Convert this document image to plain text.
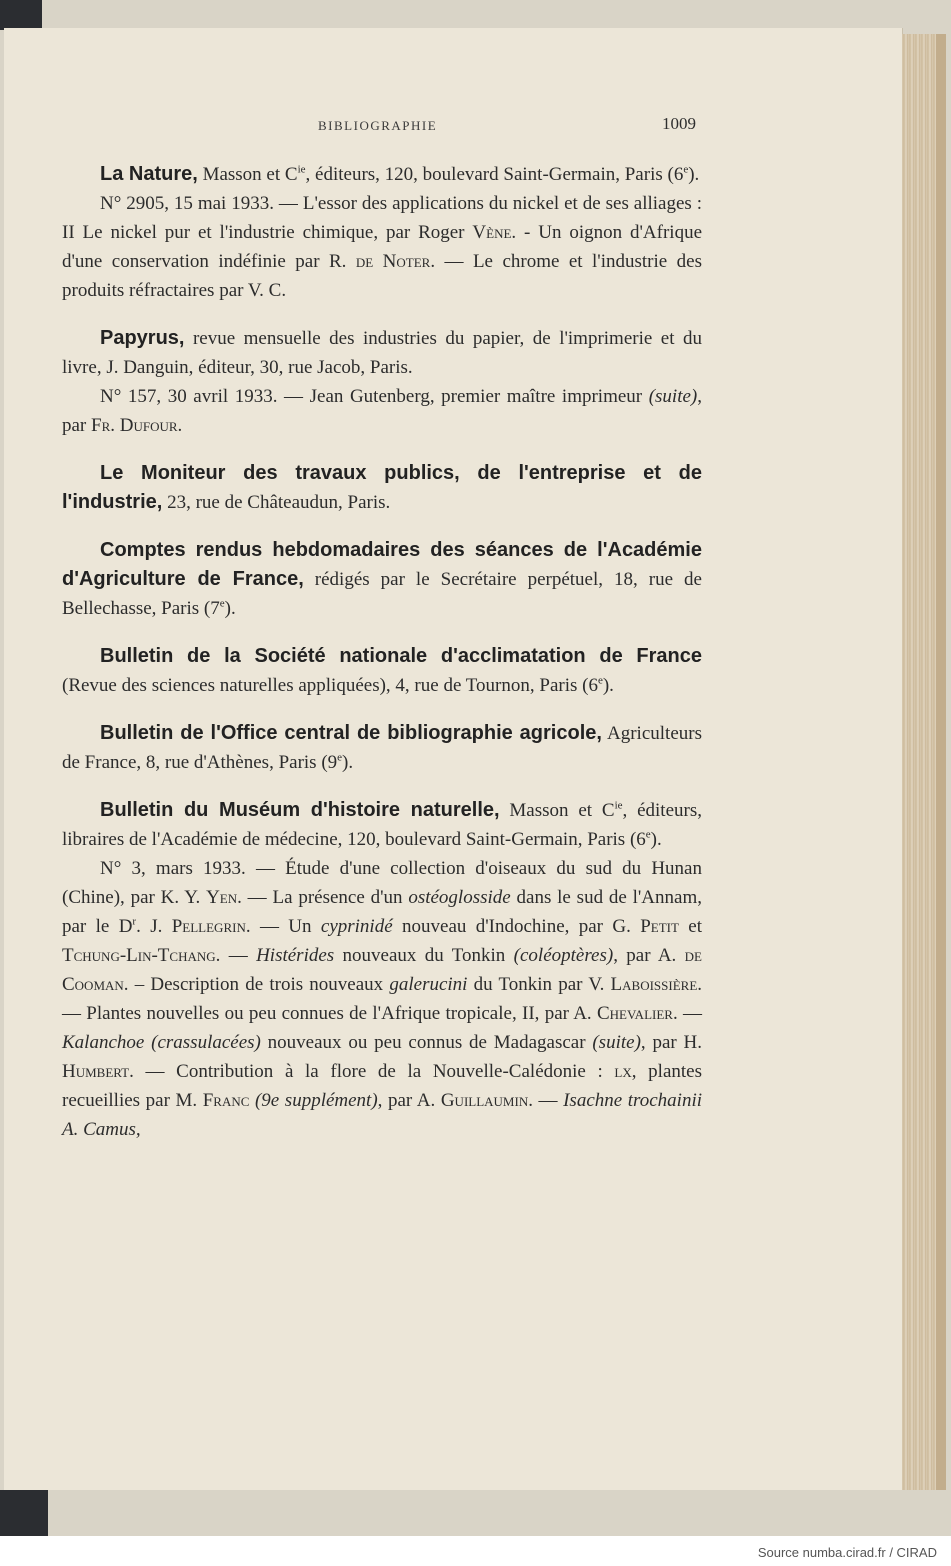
BIBLIOGRAPHIE	1009

La Nature, Masson et $C^{ie}$, éditeurs, 120, boulevard Saint-Germain, Paris (6e).

N° 2905, 15 mai 1933. — L'essor des applications du nickel et de ses alliages : II Le nickel pur et l'industrie chimique, par Roger Vène. - Un oignon d'Afrique d'une conservation indéfinie par R. de Noter. — Le chrome et l'industrie des produits réfractaires par V. C.

Papyrus, revue mensuelle des industries du papier, de l'imprimerie et du livre, J. Danguin, éditeur, 30, rue Jacob, Paris.

N° 157, 30 avril 1933. — Jean Gutenberg, premier maître imprimeur (suite), par Fr. Dufour.

Le Moniteur des travaux publics, de l'entreprise et de l'industrie, 23, rue de Châteaudun, Paris.

Comptes rendus hebdomadaires des séances de l'Académie d'Agriculture de France, rédigés par le Secrétaire perpétuel, 18, rue de Bellechasse, Paris (7e).

Bulletin de la Société nationale d'acclimatation de France (Revue des sciences naturelles appliquées), 4, rue de Tournon, Paris (6e).

Bulletin de l'Office central de bibliographie agricole, Agriculteurs de France, 8, rue d'Athènes, Paris (9e).

Bulletin du Muséum d'histoire naturelle, Masson et $C^{ie}$, éditeurs, libraires de l'Académie de médecine, 120, boulevard Saint-Germain, Paris (6e).

N° 3, mars 1933. — Étude d'une collection d'oiseaux du sud du Hunan (Chine), par K. Y. Yen. — La présence d'un ostéoglosside dans le sud de l'Annam, par le $D^r$. J. Pellegrin. — Un cyprinidé nouveau d'Indochine, par G. Petit et Tchung-Lin-Tchang. — Histérides nouveaux du Tonkin (coléoptères), par A. de Cooman. – Description de trois nouveaux galerucini du Tonkin par V. Laboissière. — Plantes nouvelles ou peu connues de l'Afrique tropicale, II, par A. Chevalier. — Kalanchoe (crassulacées) nouveaux ou peu connus de Madagascar (suite), par H. Humbert. — Contribution à la flore de la Nouvelle-Calédonie : lx, plantes recueillies par M. Franc (9e supplément), par A. Guillaumin. — Isachne trochainii A. Camus,

Source numba.cirad.fr / CIRAD
